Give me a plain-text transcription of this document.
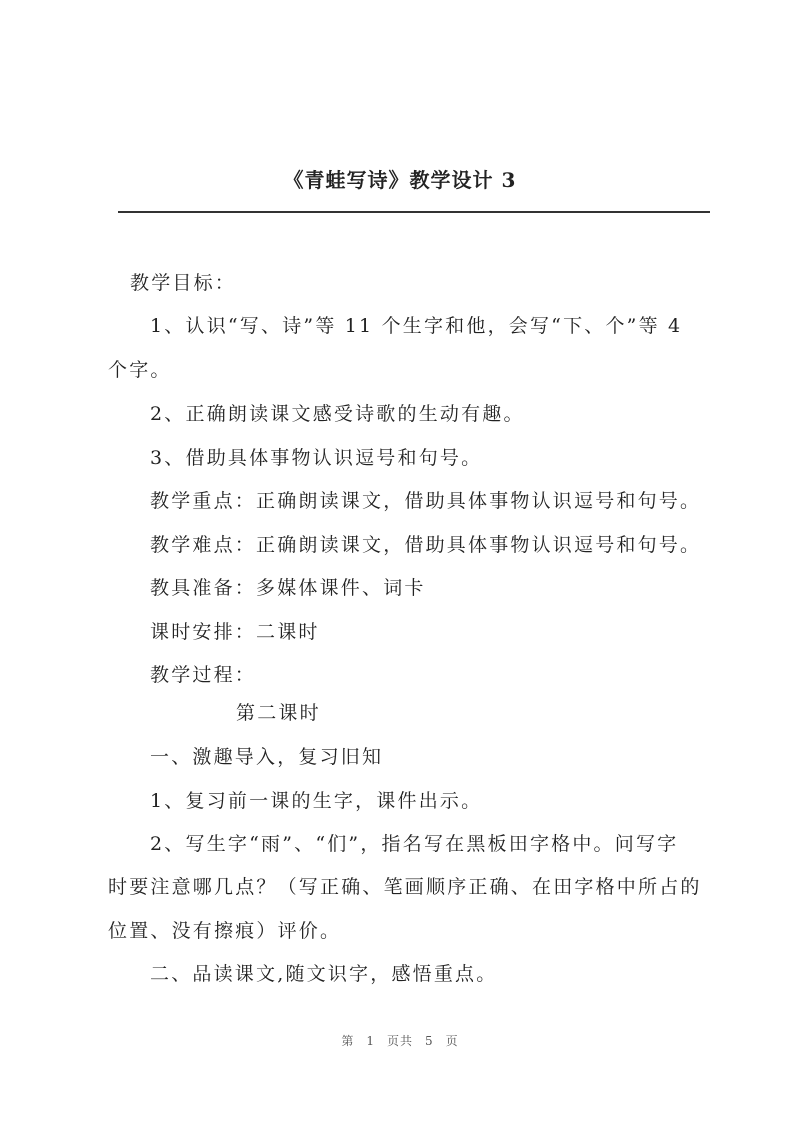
《青蛙写诗》教学设计 3
教学目标：
1、认识“写、诗”等 11 个生字和他，会写“下、个”等 4
个字。
2、正确朗读课文感受诗歌的生动有趣。
3、借助具体事物认识逗号和句号。
教学重点：正确朗读课文，借助具体事物认识逗号和句号。
教学难点：正确朗读课文，借助具体事物认识逗号和句号。
教具准备：多媒体课件、词卡
课时安排：二课时
教学过程：
第二课时
一、激趣导入，复习旧知
1、复习前一课的生字，课件出示。
2、写生字“雨”、“们”，指名写在黑板田字格中。问写字
时要注意哪几点？（写正确、笔画顺序正确、在田字格中所占的
位置、没有擦痕）评价。
二、品读课文,随文识字，感悟重点。
第 1 页共 5 页
